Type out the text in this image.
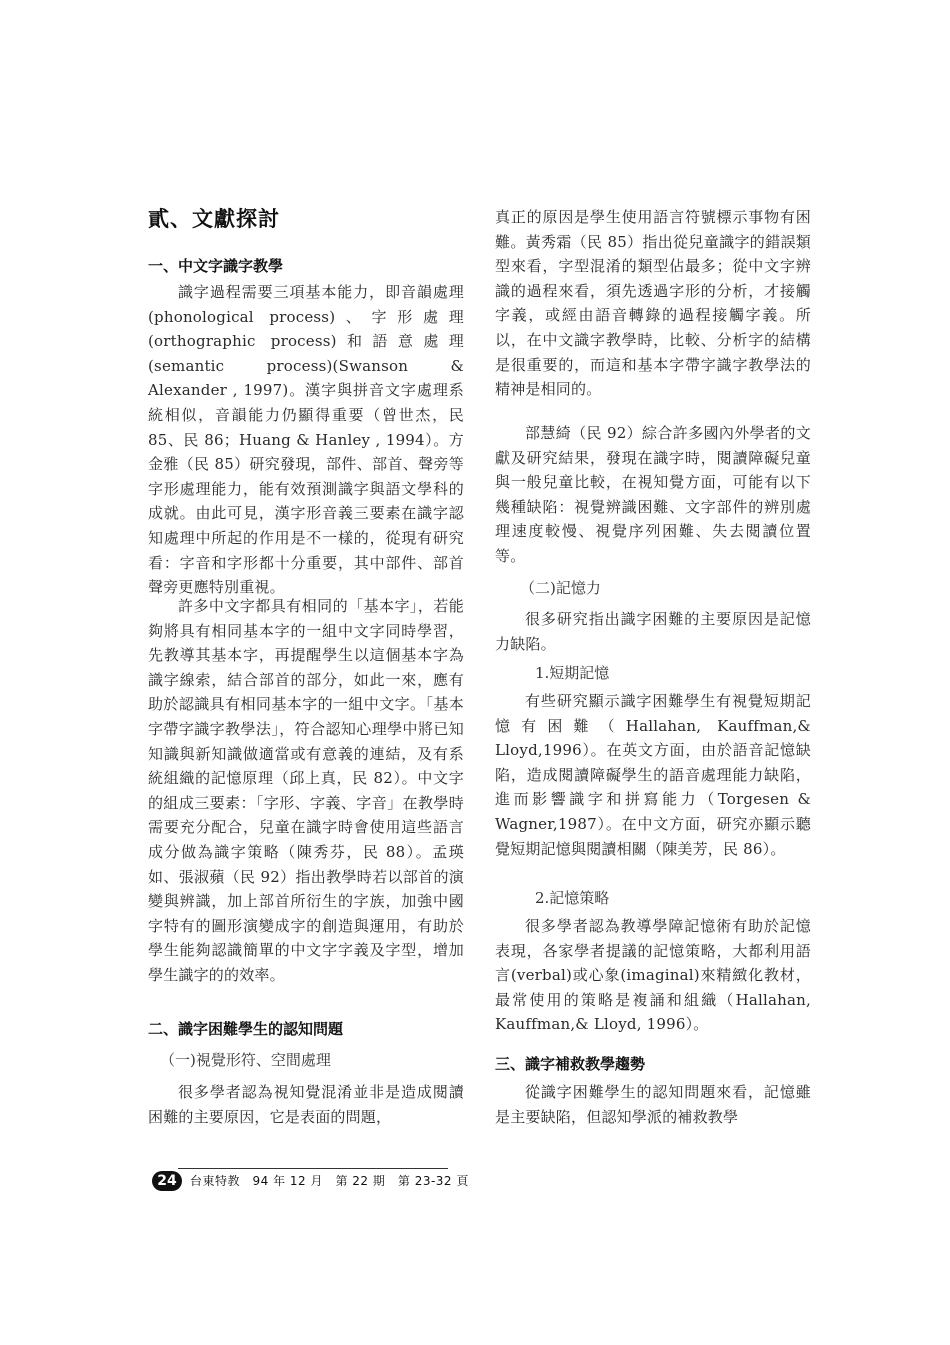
貳、文獻探討
一、中文字識字教學

識字過程需要三項基本能力，即音韻處理 (phonological process)、字形處理 (orthographic process)和語意處理(semantic process)(Swanson & Alexander , 1997)。漢字與拼音文字處理系統相似，音韻能力仍顯得重要（曾世杰，民 85、民 86；Huang & Hanley , 1994）。方金雅（民 85）研究發現，部件、部首、聲旁等字形處理能力，能有效預測識字與語文學科的成就。由此可見，漢字形音義三要素在識字認知處理中所起的作用是不一樣的，從現有研究看：字音和字形都十分重要，其中部件、部首聲旁更應特別重視。

許多中文字都具有相同的「基本字」，若能夠將具有相同基本字的一組中文字同時學習，先教導其基本字，再提醒學生以這個基本字為識字線索，結合部首的部分，如此一來，應有助於認識具有相同基本字的一組中文字。「基本字帶字識字教學法」，符合認知心理學中將已知知識與新知識做適當或有意義的連結，及有系統組織的記憶原理（邱上真，民 82）。中文字的組成三要素：「字形、字義、字音」在教學時需要充分配合，兒童在識字時會使用這些語言成分做為識字策略（陳秀芬，民 88）。孟瑛如、張淑蘋（民 92）指出教學時若以部首的演變與辨識，加上部首所衍生的字族，加強中國字特有的圖形演變成字的創造與運用，有助於學生能夠認識簡單的中文字字義及字型，增加學生識字的的效率。

二、識字困難學生的認知問題
（一)視覺形符、空間處理

很多學者認為視知覺混淆並非是造成閱讀困難的主要原因，它是表面的問題，

真正的原因是學生使用語言符號標示事物有困難。黃秀霜（民 85）指出從兒童識字的錯誤類型來看，字型混淆的類型佔最多；從中文字辨識的過程來看，須先透過字形的分析，才接觸字義，或經由語音轉錄的過程接觸字義。所以，在中文識字教學時，比較、分析字的結構是很重要的，而這和基本字帶字識字教學法的精神是相同的。

部慧綺（民 92）綜合許多國內外學者的文獻及研究結果，發現在識字時，閱讀障礙兒童與一般兒童比較，在視知覺方面，可能有以下幾種缺陷：視覺辨識困難、文字部件的辨別處理速度較慢、視覺序列困難、失去閱讀位置等。

（二)記憶力

很多研究指出識字困難的主要原因是記憶力缺陷。

1.短期記憶

有些研究顯示識字困難學生有視覺短期記憶有困難（Hallahan, Kauffman,& Lloyd,1996）。在英文方面，由於語音記憶缺陷，造成閱讀障礙學生的語音處理能力缺陷，進而影響識字和拼寫能力（Torgesen & Wagner,1987）。在中文方面，研究亦顯示聽覺短期記憶與閱讀相關（陳美芳，民 86）。

2.記憶策略

很多學者認為教導學障記憶術有助於記憶表現，各家學者提議的記憶策略，大都利用語言(verbal)或心象(imaginal)來精緻化教材，最常使用的策略是複誦和組織（Hallahan, Kauffman,& Lloyd, 1996）。

三、識字補救教學趨勢

從識字困難學生的認知問題來看，記憶雖是主要缺陷，但認知學派的補救教學

24	台東特教　94 年 12 月　第 22 期　第 23-32 頁
